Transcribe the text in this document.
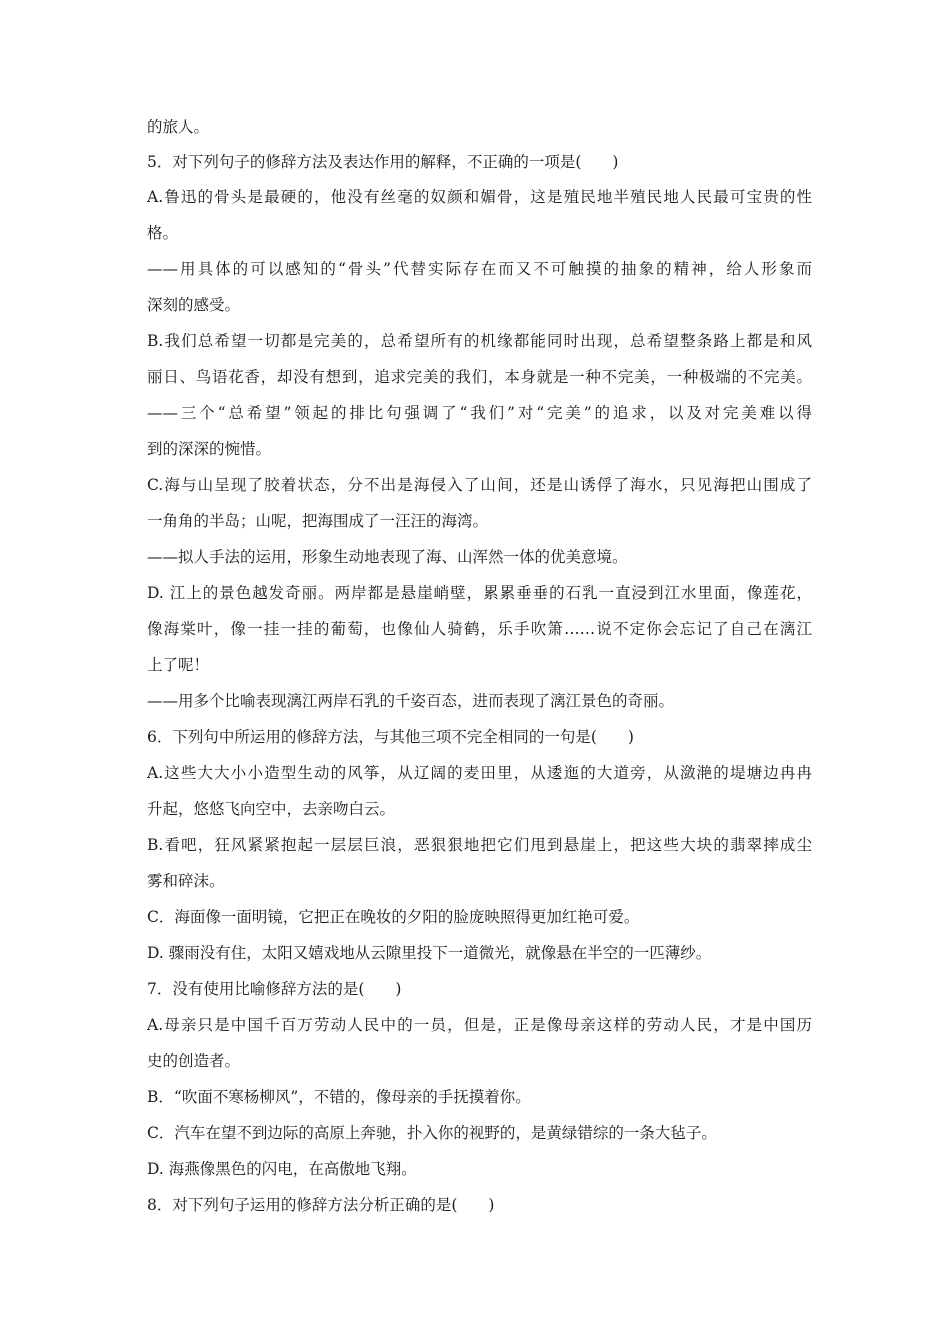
的旅人。
5．对下列句子的修辞方法及表达作用的解释，不正确的一项是(　　)
A.鲁迅的骨头是最硬的，他没有丝毫的奴颜和媚骨，这是殖民地半殖民地人民最可宝贵的性
格。
——用具体的可以感知的“骨头”代替实际存在而又不可触摸的抽象的精神，给人形象而
深刻的感受。
B.我们总希望一切都是完美的，总希望所有的机缘都能同时出现，总希望整条路上都是和风
丽日、鸟语花香，却没有想到，追求完美的我们，本身就是一种不完美，一种极端的不完美。
——三个“总希望”领起的排比句强调了“我们”对“完美”的追求，以及对完美难以得
到的深深的惋惜。
C.海与山呈现了胶着状态，分不出是海侵入了山间，还是山诱俘了海水，只见海把山围成了
一角角的半岛；山呢，把海围成了一汪汪的海湾。
——拟人手法的运用，形象生动地表现了海、山浑然一体的优美意境。
D. 江上的景色越发奇丽。两岸都是悬崖峭壁，累累垂垂的石乳一直浸到江水里面，像莲花，
像海棠叶，像一挂一挂的葡萄，也像仙人骑鹤，乐手吹箫……说不定你会忘记了自己在漓江
上了呢！
——用多个比喻表现漓江两岸石乳的千姿百态，进而表现了漓江景色的奇丽。
6．下列句中所运用的修辞方法，与其他三项不完全相同的一句是(　　)
A.这些大大小小造型生动的风筝，从辽阔的麦田里，从逶迤的大道旁，从潋滟的堤塘边冉冉
升起，悠悠飞向空中，去亲吻白云。
B.看吧，狂风紧紧抱起一层层巨浪，恶狠狠地把它们甩到悬崖上，把这些大块的翡翠摔成尘
雾和碎沫。
C．海面像一面明镜，它把正在晚妆的夕阳的脸庞映照得更加红艳可爱。
D. 骤雨没有住，太阳又嬉戏地从云隙里投下一道微光，就像悬在半空的一匹薄纱。
7．没有使用比喻修辞方法的是(　　)
A.母亲只是中国千百万劳动人民中的一员，但是，正是像母亲这样的劳动人民，才是中国历
史的创造者。
B．“吹面不寒杨柳风”，不错的，像母亲的手抚摸着你。
C．汽车在望不到边际的高原上奔驰，扑入你的视野的，是黄绿错综的一条大毡子。
D. 海燕像黑色的闪电，在高傲地飞翔。
8．对下列句子运用的修辞方法分析正确的是(　　)
